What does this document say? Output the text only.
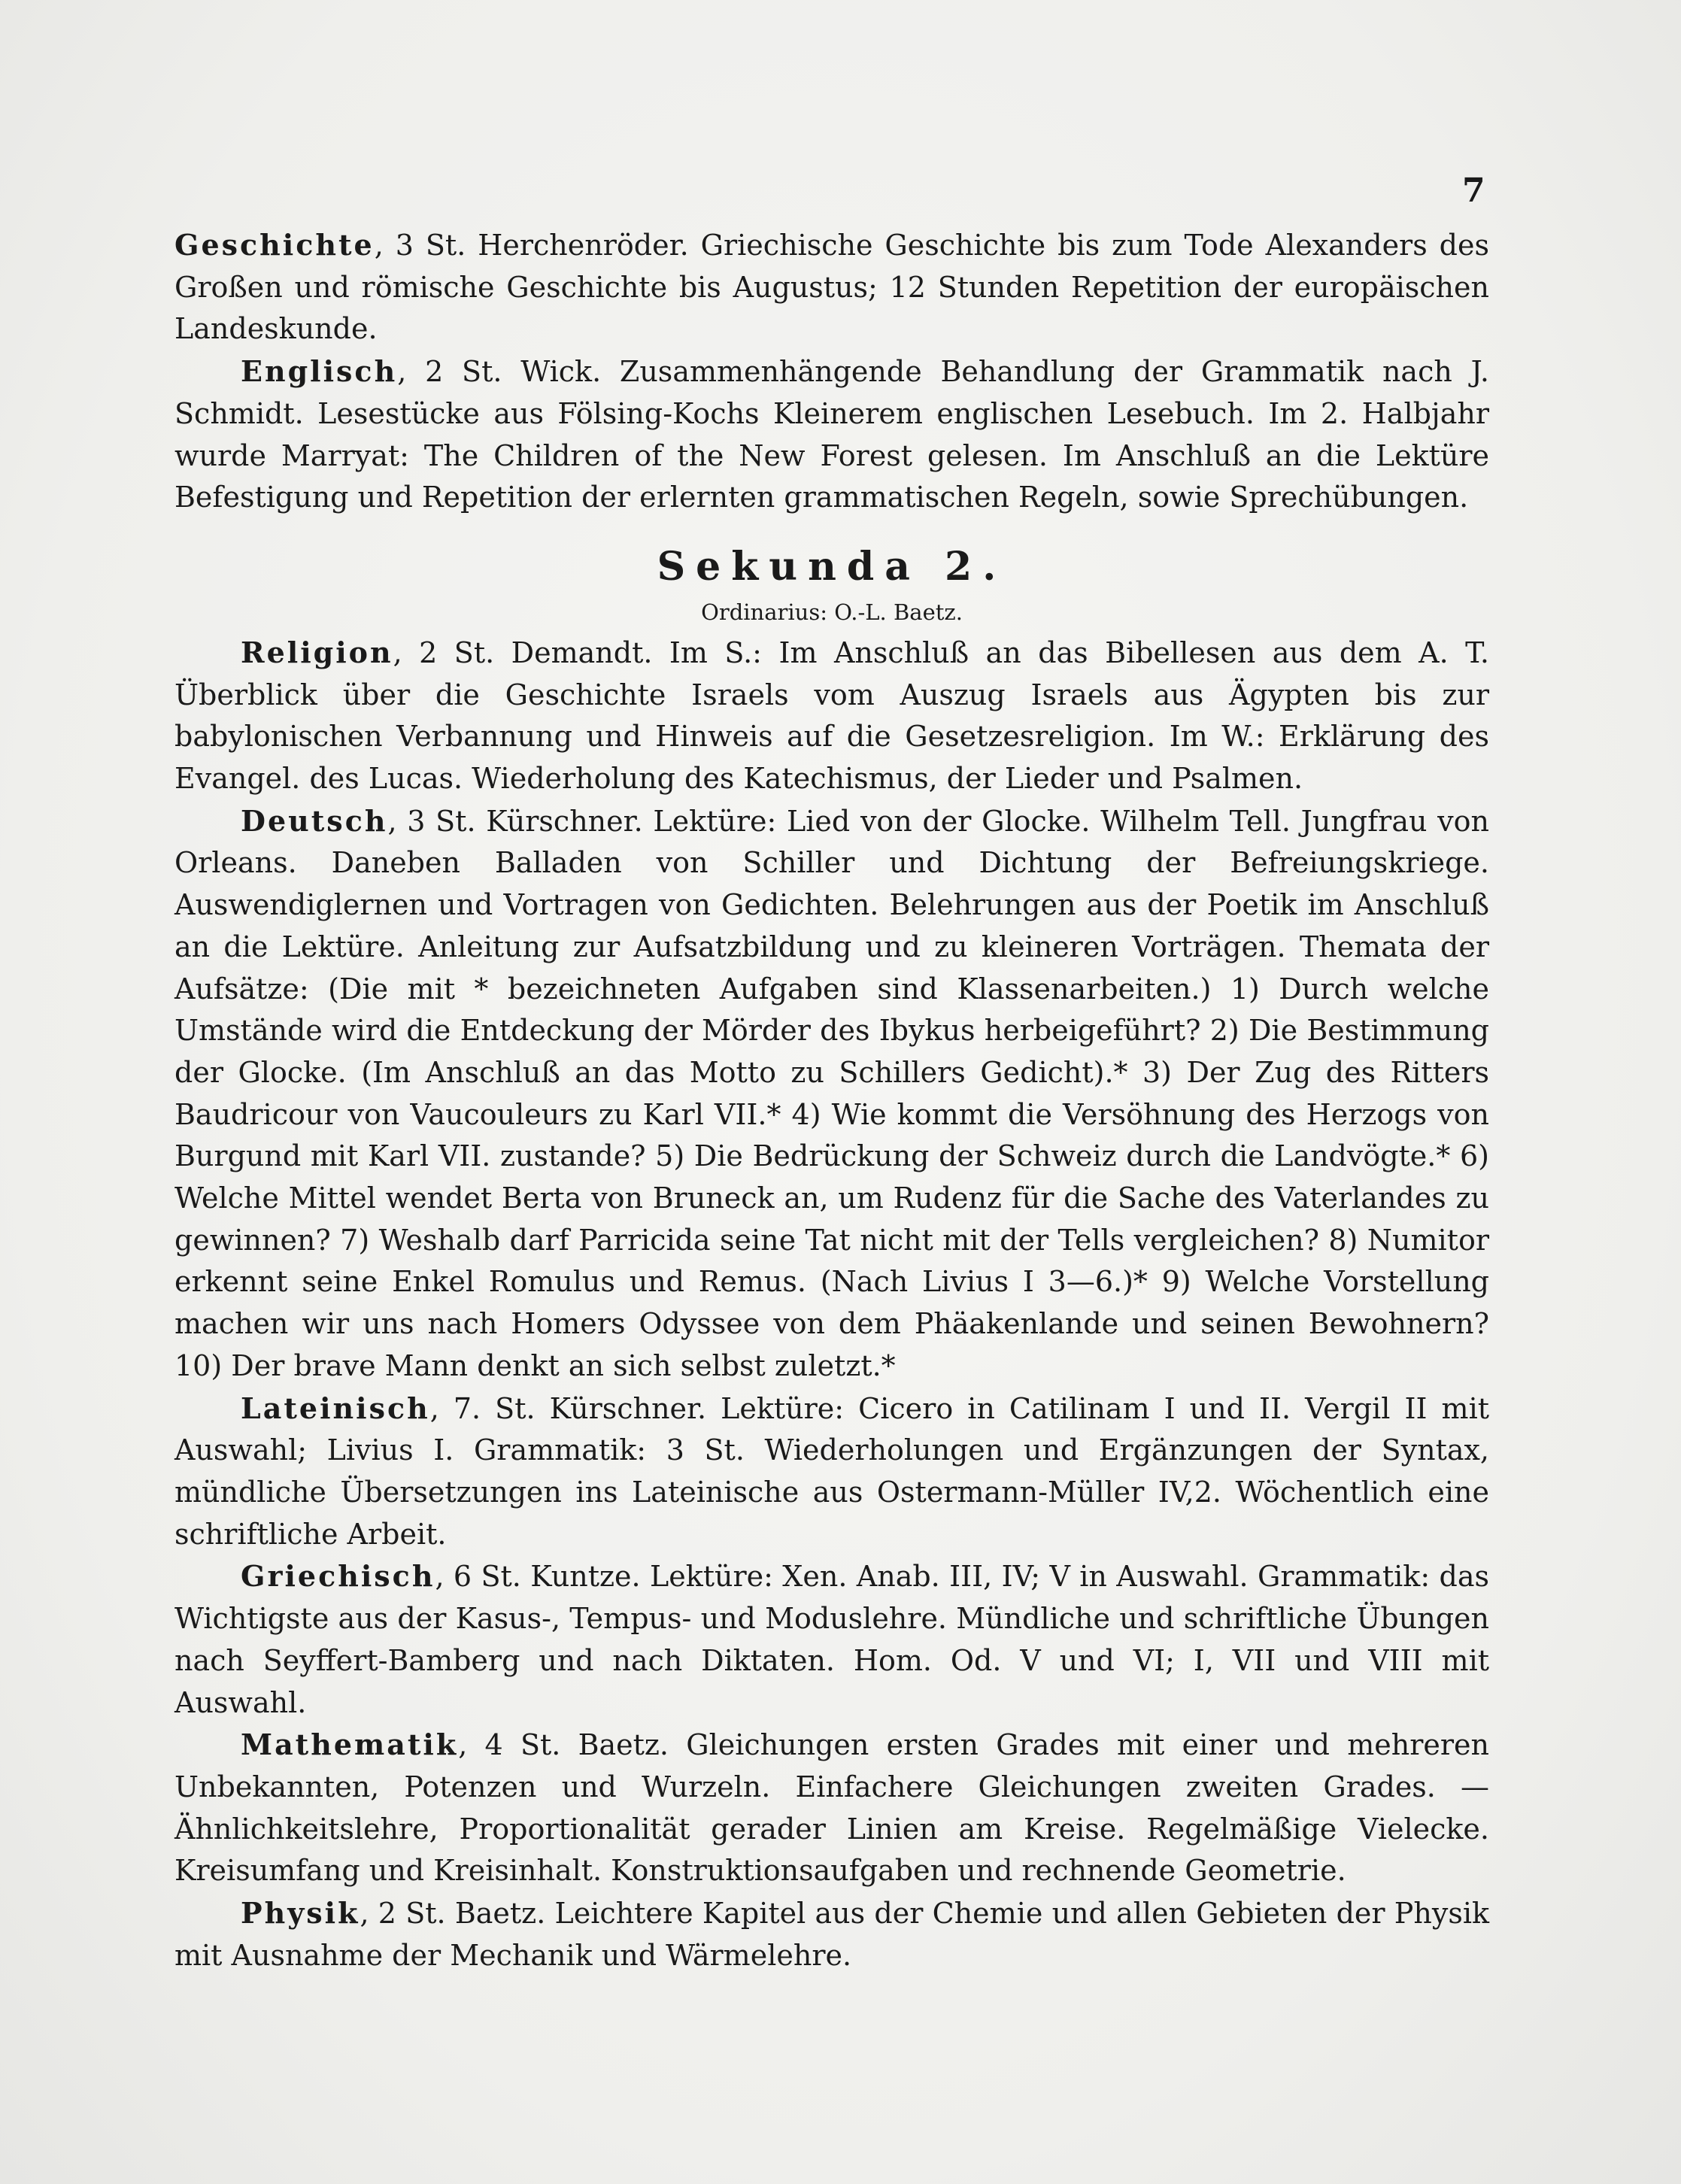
7

Geschichte, 3 St. Herchenröder. Griechische Geschichte bis zum Tode Alexanders des Großen und römische Geschichte bis Augustus; 12 Stunden Repetition der europäischen Landeskunde.

Englisch, 2 St. Wick. Zusammenhängende Behandlung der Grammatik nach J. Schmidt. Lesestücke aus Fölsing-Kochs Kleinerem englischen Lesebuch. Im 2. Halbjahr wurde Marryat: The Children of the New Forest gelesen. Im Anschluß an die Lektüre Befestigung und Repetition der erlernten grammatischen Regeln, sowie Sprechübungen.

Sekunda 2.
Ordinarius: O.-L. Baetz.

Religion, 2 St. Demandt. Im S.: Im Anschluß an das Bibellesen aus dem A. T. Überblick über die Geschichte Israels vom Auszug Israels aus Ägypten bis zur babylonischen Verbannung und Hinweis auf die Gesetzesreligion. Im W.: Erklärung des Evangel. des Lucas. Wiederholung des Katechismus, der Lieder und Psalmen.

Deutsch, 3 St. Kürschner. Lektüre: Lied von der Glocke. Wilhelm Tell. Jungfrau von Orleans. Daneben Balladen von Schiller und Dichtung der Befreiungskriege. Auswendiglernen und Vortragen von Gedichten. Belehrungen aus der Poetik im Anschluß an die Lektüre. Anleitung zur Aufsatzbildung und zu kleineren Vorträgen. Themata der Aufsätze: (Die mit * bezeichneten Aufgaben sind Klassenarbeiten.) 1) Durch welche Umstände wird die Entdeckung der Mörder des Ibykus herbeigeführt? 2) Die Bestimmung der Glocke. (Im Anschluß an das Motto zu Schillers Gedicht).* 3) Der Zug des Ritters Baudricour von Vaucouleurs zu Karl VII.* 4) Wie kommt die Versöhnung des Herzogs von Burgund mit Karl VII. zustande? 5) Die Bedrückung der Schweiz durch die Landvögte.* 6) Welche Mittel wendet Berta von Bruneck an, um Rudenz für die Sache des Vaterlandes zu gewinnen? 7) Weshalb darf Parricida seine Tat nicht mit der Tells vergleichen? 8) Numitor erkennt seine Enkel Romulus und Remus. (Nach Livius I 3—6.)* 9) Welche Vorstellung machen wir uns nach Homers Odyssee von dem Phäakenlande und seinen Bewohnern? 10) Der brave Mann denkt an sich selbst zuletzt.*

Lateinisch, 7. St. Kürschner. Lektüre: Cicero in Catilinam I und II. Vergil II mit Auswahl; Livius I. Grammatik: 3 St. Wiederholungen und Ergänzungen der Syntax, mündliche Übersetzungen ins Lateinische aus Ostermann-Müller IV,2. Wöchentlich eine schriftliche Arbeit.

Griechisch, 6 St. Kuntze. Lektüre: Xen. Anab. III, IV; V in Auswahl. Grammatik: das Wichtigste aus der Kasus-, Tempus- und Moduslehre. Mündliche und schriftliche Übungen nach Seyffert-Bamberg und nach Diktaten. Hom. Od. V und VI; I, VII und VIII mit Auswahl.

Mathematik, 4 St. Baetz. Gleichungen ersten Grades mit einer und mehreren Unbekannten, Potenzen und Wurzeln. Einfachere Gleichungen zweiten Grades. — Ähnlichkeitslehre, Proportionalität gerader Linien am Kreise. Regelmäßige Vielecke. Kreisumfang und Kreisinhalt. Konstruktionsaufgaben und rechnende Geometrie.

Physik, 2 St. Baetz. Leichtere Kapitel aus der Chemie und allen Gebieten der Physik mit Ausnahme der Mechanik und Wärmelehre.
